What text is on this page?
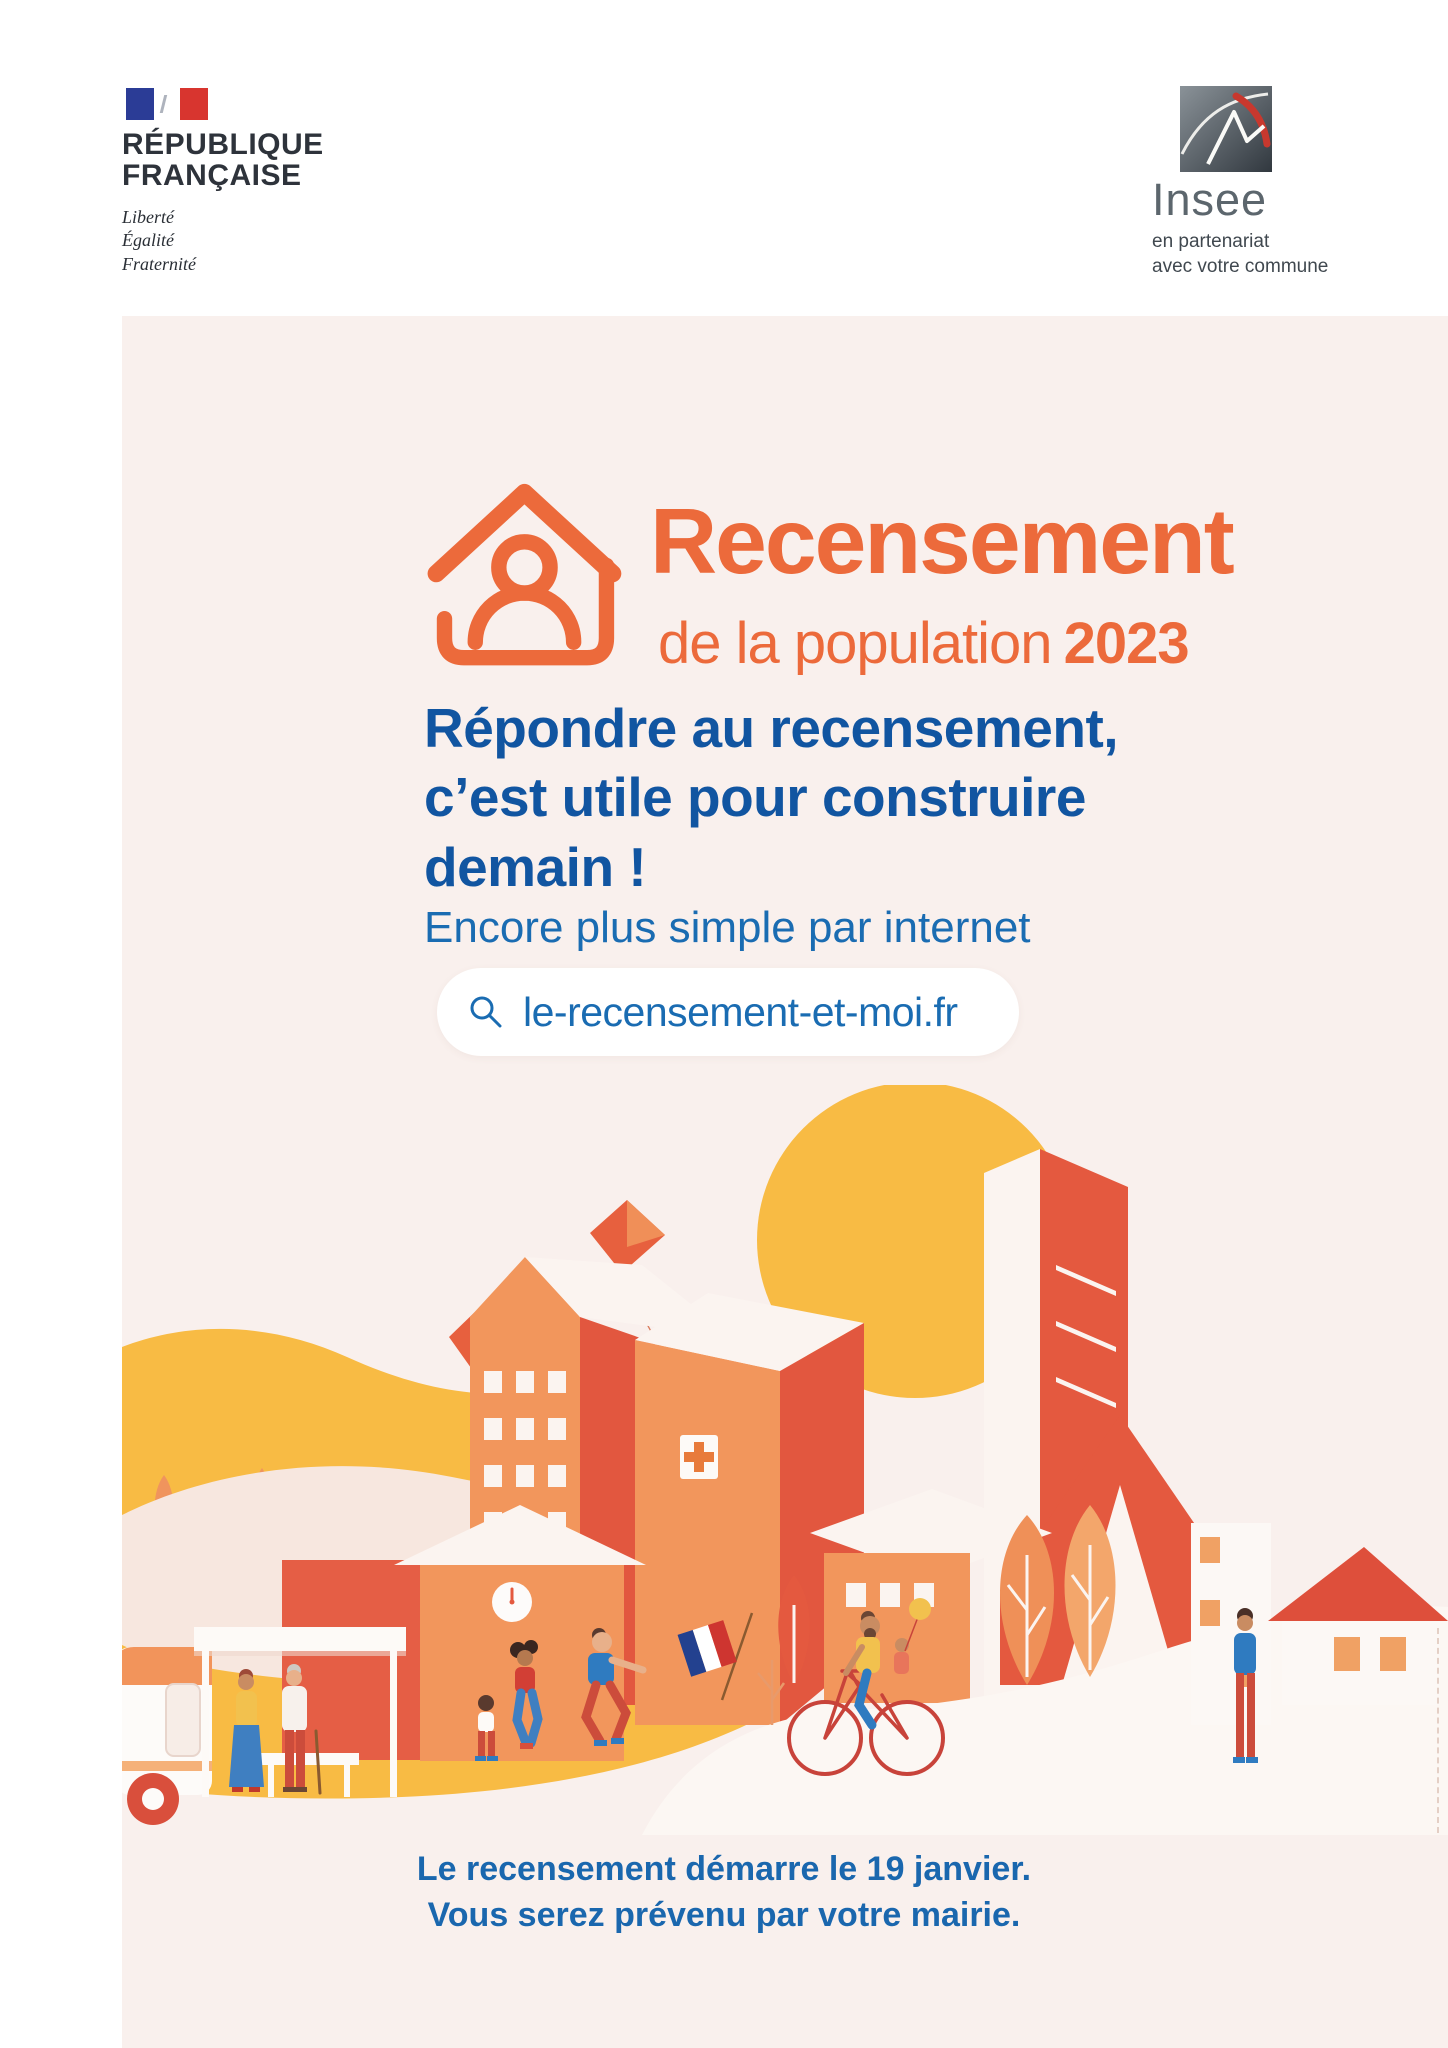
RÉPUBLIQUE
FRANÇAISE
Liberté
Égalité
Fraternité
Insee
en partenariat
avec votre commune
Recensement
de la population 2023
Répondre au recensement,
c’est utile pour construire
demain !
Encore plus simple par internet
le-recensement-et-moi.fr
Le recensement démarre le 19 janvier.
Vous serez prévenu par votre mairie.
